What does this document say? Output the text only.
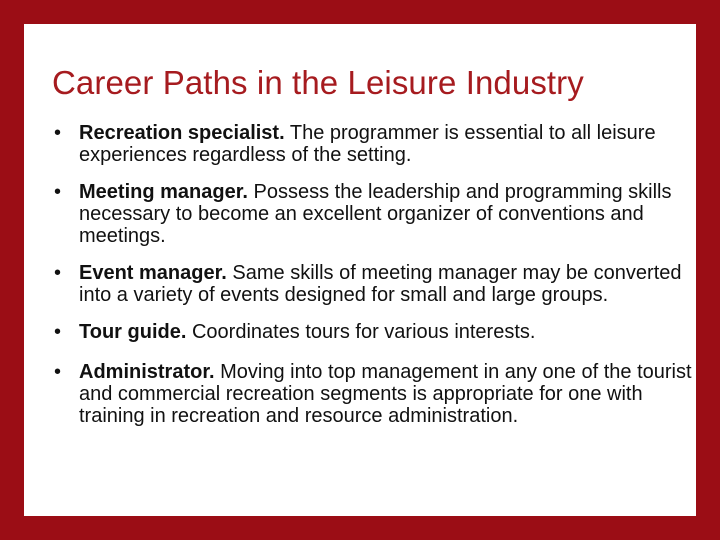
Career Paths in the Leisure Industry
• Recreation specialist. The programmer is essential to all leisure experiences regardless of the setting.
• Meeting manager. Possess the leadership and programming skills necessary to become an excellent organizer of conventions and meetings.
• Event manager. Same skills of meeting manager may be converted into a variety of events designed for small and large groups.
• Tour guide. Coordinates tours for various interests.
• Administrator. Moving into top management in any one of the tourist and commercial recreation segments is appropriate for one with training in recreation and resource administration.
